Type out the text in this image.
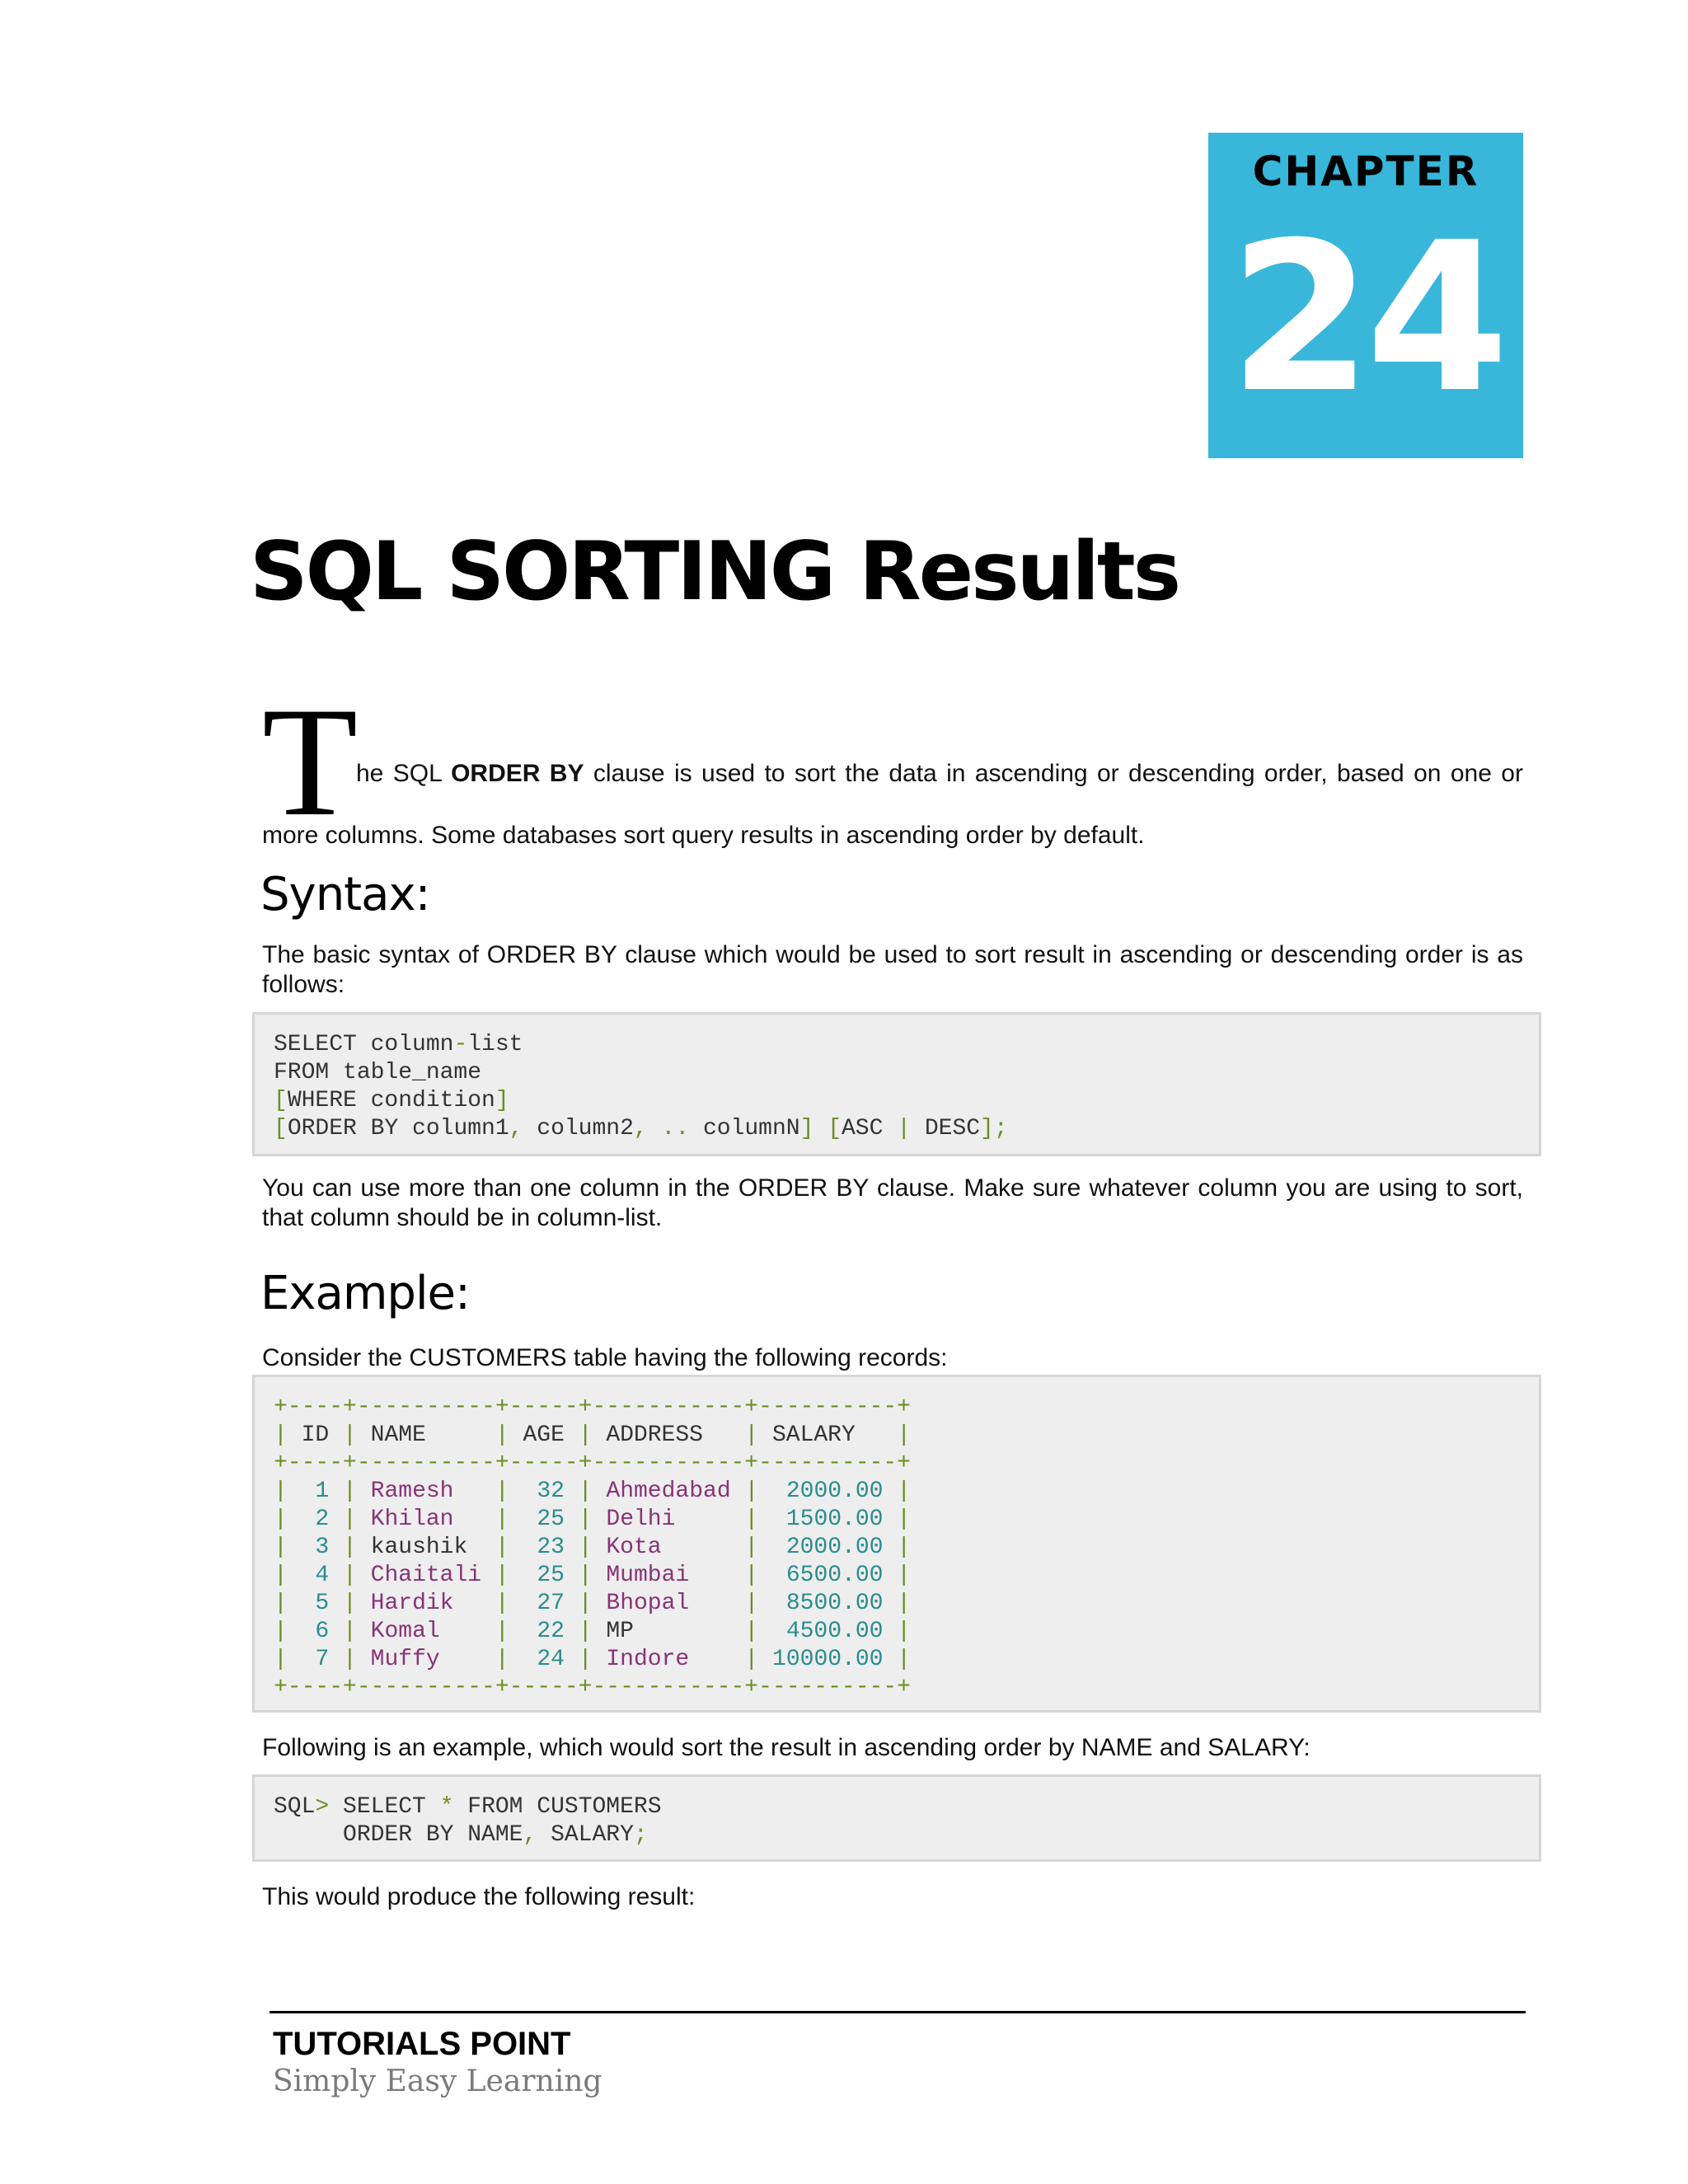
CHAPTER
24
SQL SORTING Results
T
he SQL ORDER BY clause is used to sort the data in ascending or descending order, based on one or

more columns. Some databases sort query results in ascending order by default.

Syntax:

The basic syntax of ORDER BY clause which would be used to sort result in ascending or descending order is as follows:

SELECT column-list
FROM table_name
[WHERE condition]
[ORDER BY column1, column2, .. columnN] [ASC | DESC];

You can use more than one column in the ORDER BY clause. Make sure whatever column you are using to sort, that column should be in column-list.

Example:

Consider the CUSTOMERS table having the following records:

+----+----------+-----+-----------+----------+
| ID | NAME     | AGE | ADDRESS   | SALARY   |
+----+----------+-----+-----------+----------+
| 1 | Ramesh | 32 | Ahmedabad | 2000.00 |
| 2 | Khilan | 25 | Delhi	| 1500.00 |
| 3 | kaushik  | 23 | Kota	| 2000.00 |
| 4 | Chaitali | 25 | Mumbai | 6500.00 |
| 5 | Hardik | 27 | Bhopal | 8500.00 |
| 6 | Komal | 22 | MP        | 4500.00 |
| 7 | Muffy | 24 | Indore | 10000.00 |
+----+----------+-----+-----------+----------+

Following is an example, which would sort the result in ascending order by NAME and SALARY:

SQL> SELECT * FROM CUSTOMERS
ORDER BY NAME, SALARY;

This would produce the following result:

TUTORIALS POINT
Simply Easy Learning
